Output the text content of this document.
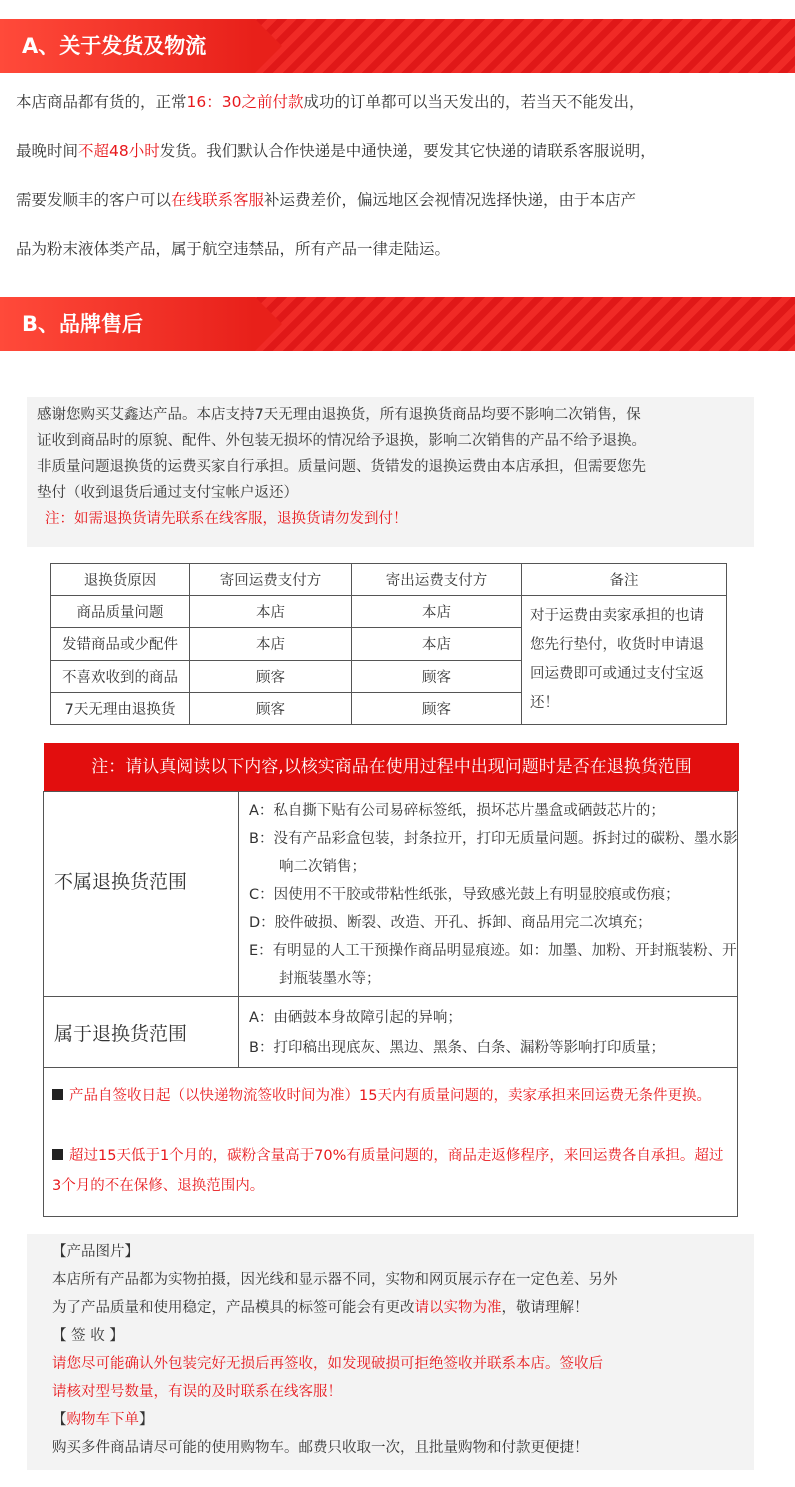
A、关于发货及物流
本店商品都有货的，正常16：30之前付款成功的订单都可以当天发出的，若当天不能发出，
最晚时间不超48小时发货。我们默认合作快递是中通快递，要发其它快递的请联系客服说明，
需要发顺丰的客户可以在线联系客服补运费差价，偏远地区会视情况选择快递，由于本店产
品为粉末液体类产品，属于航空违禁品，所有产品一律走陆运。
B、品牌售后
感谢您购买艾鑫达产品。本店支持7天无理由退换货，所有退换货商品均要不影响二次销售，保
证收到商品时的原貌、配件、外包装无损坏的情况给予退换，影响二次销售的产品不给予退换。
非质量问题退换货的运费买家自行承担。质量问题、货错发的退换运费由本店承担，但需要您先
垫付（收到退货后通过支付宝帐户返还）
注：如需退换货请先联系在线客服，退换货请勿发到付！
退换货原因	寄回运费支付方	寄出运费支付方	备注
商品质量问题	本店	本店	对于运费由卖家承担的也请您先行垫付，收货时申请退回运费即可或通过支付宝返还！
发错商品或少配件	本店	本店	
不喜欢收到的商品	顾客	顾客	
7天无理由退换货	顾客	顾客	
注：请认真阅读以下内容,以核实商品在使用过程中出现问题时是否在退换货范围
不属退换货范围
A：私自撕下贴有公司易碎标签纸，损坏芯片墨盒或硒鼓芯片的；
B：没有产品彩盒包装，封条拉开，打印无质量问题。拆封过的碳粉、墨水影响二次销售；
C：因使用不干胶或带粘性纸张，导致感光鼓上有明显胶痕或伤痕；
D：胶件破损、断裂、改造、开孔、拆卸、商品用完二次填充；
E：有明显的人工干预操作商品明显痕迹。如：加墨、加粉、开封瓶装粉、开封瓶装墨水等；
属于退换货范围
A：由硒鼓本身故障引起的异响；
B：打印稿出现底灰、黑边、黑条、白条、漏粉等影响打印质量；
产品自签收日起（以快递物流签收时间为准）15天内有质量问题的，卖家承担来回运费无条件更换。
超过15天低于1个月的，碳粉含量高于70%有质量问题的，商品走返修程序，来回运费各自承担。超过3个月的不在保修、退换范围内。
【产品图片】
本店所有产品都为实物拍摄，因光线和显示器不同，实物和网页展示存在一定色差、另外
为了产品质量和使用稳定，产品模具的标签可能会有更改请以实物为准，敬请理解！
【 签 收 】
请您尽可能确认外包装完好无损后再签收，如发现破损可拒绝签收并联系本店。签收后
请核对型号数量，有误的及时联系在线客服！
【购物车下单】
购买多件商品请尽可能的使用购物车。邮费只收取一次，且批量购物和付款更便捷！
